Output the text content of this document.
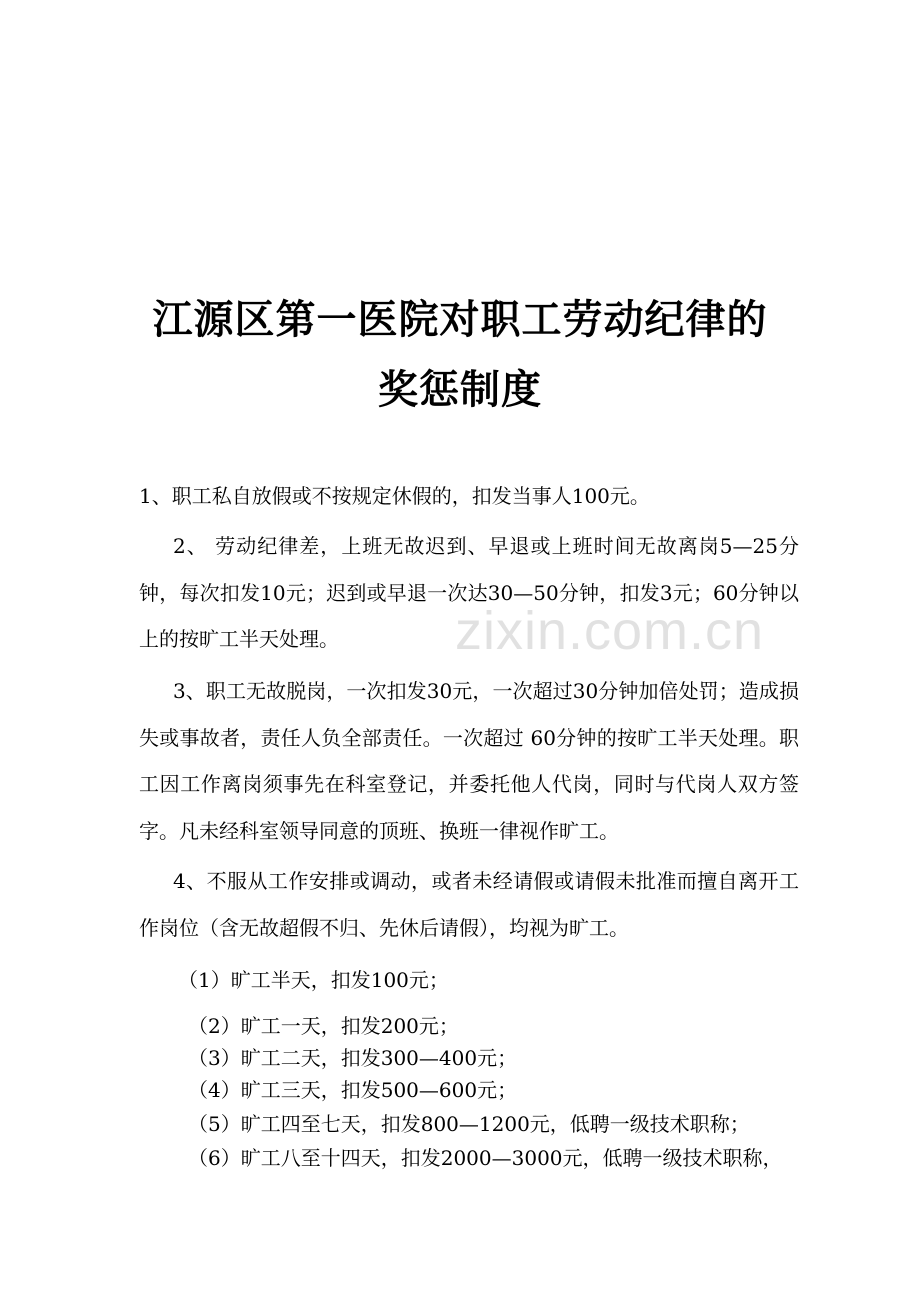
江源区第一医院对职工劳动纪律的
奖惩制度

1、职工私自放假或不按规定休假的，扣发当事人100元。

2、 劳动纪律差，上班无故迟到、早退或上班时间无故离岗5—25分钟，每次扣发10元；迟到或早退一次达30—50分钟，扣发3元；60分钟以上的按旷工半天处理。

3、职工无故脱岗，一次扣发30元，一次超过30分钟加倍处罚；造成损失或事故者，责任人负全部责任。一次超过 60分钟的按旷工半天处理。职工因工作离岗须事先在科室登记，并委托他人代岗，同时与代岗人双方签字。凡未经科室领导同意的顶班、换班一律视作旷工。

4、不服从工作安排或调动，或者未经请假或请假未批准而擅自离开工作岗位（含无故超假不归、先休后请假），均视为旷工。

（1）旷工半天，扣发100元；

（2）旷工一天，扣发200元；

（3）旷工二天，扣发300—400元；

（4）旷工三天，扣发500—600元；

（5）旷工四至七天，扣发800—1200元，低聘一级技术职称；

（6）旷工八至十四天，扣发2000—3000元，低聘一级技术职称，

zixin.com.cn
